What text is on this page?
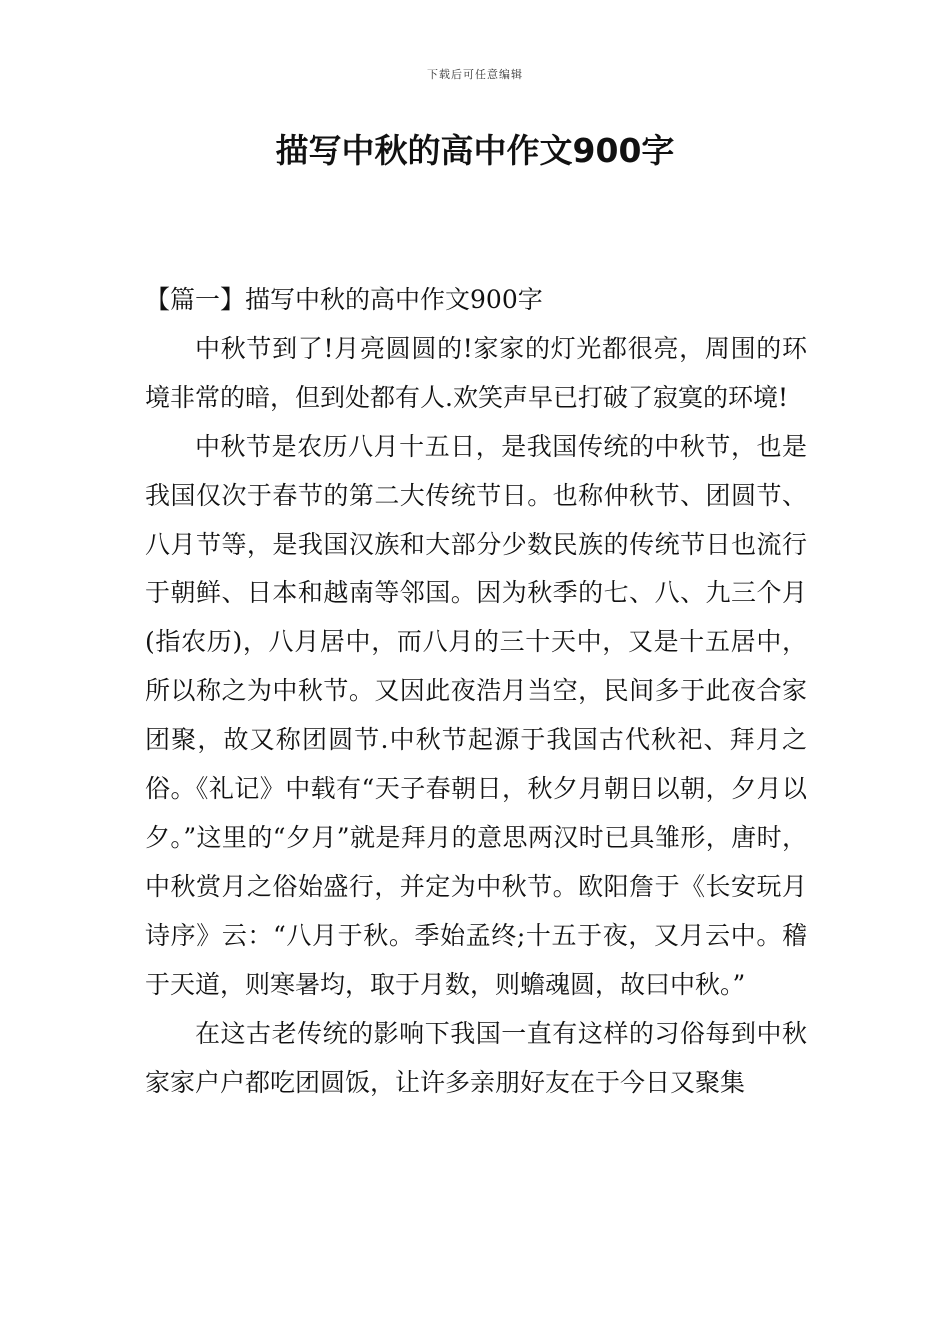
下载后可任意编辑
描写中秋的高中作文900字
【篇一】描写中秋的高中作文900字

中秋节到了!月亮圆圆的!家家的灯光都很亮，周围的环境非常的暗，但到处都有人.欢笑声早已打破了寂寞的环境!

中秋节是农历八月十五日，是我国传统的中秋节，也是我国仅次于春节的第二大传统节日。也称仲秋节、团圆节、八月节等，是我国汉族和大部分少数民族的传统节日也流行于朝鲜、日本和越南等邻国。因为秋季的七、八、九三个月(指农历)，八月居中，而八月的三十天中，又是十五居中，所以称之为中秋节。又因此夜浩月当空，民间多于此夜合家团聚，故又称团圆节.中秋节起源于我国古代秋祀、拜月之俗。《礼记》中载有“天子春朝日，秋夕月朝日以朝，夕月以夕。”这里的“夕月”就是拜月的意思两汉时已具雏形，唐时，中秋赏月之俗始盛行，并定为中秋节。欧阳詹于《长安玩月诗序》云：“八月于秋。季始孟终;十五于夜，又月云中。稽于天道，则寒暑均，取于月数，则蟾魂圆，故曰中秋。”

在这古老传统的影响下我国一直有这样的习俗每到中秋家家户户都吃团圆饭，让许多亲朋好友在于今日又聚集
